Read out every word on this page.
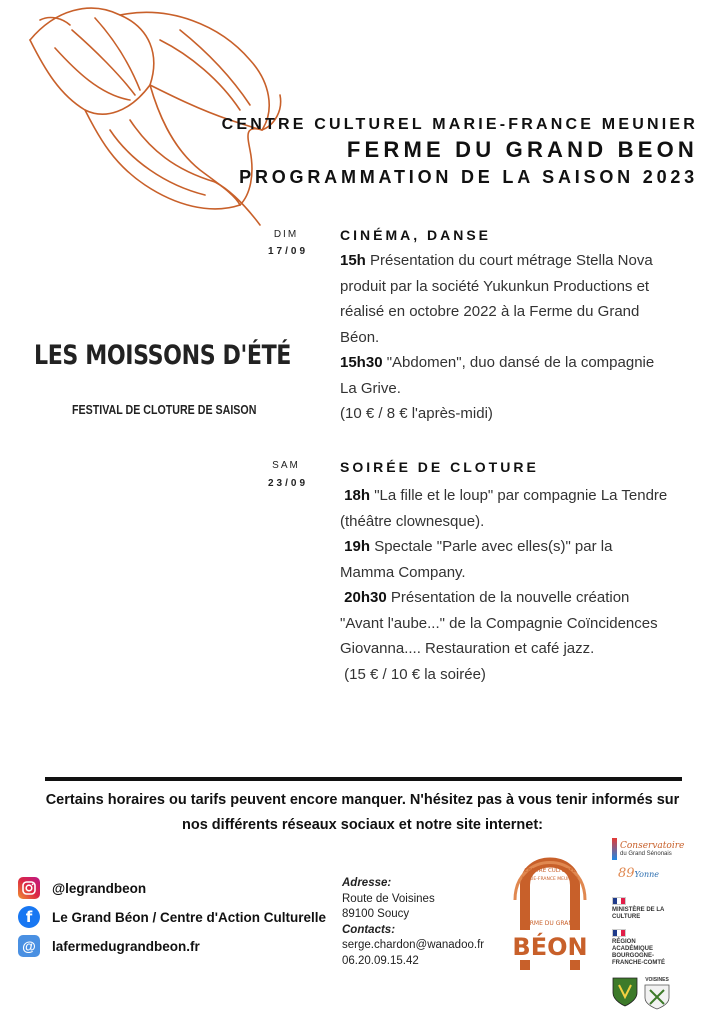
CENTRE CULTUREL MARIE-FRANCE MEUNIER
FERME DU GRAND BEON
PROGRAMMATION DE LA SAISON 2023
LES MOISSONS D'ÉTÉ
FESTIVAL DE CLOTURE DE SAISON
DIM
17/09
CINÉMA, DANSE
15h Présentation du court métrage Stella Nova produit par la société Yukunkun Productions et réalisé en octobre 2022 à la Ferme du Grand Béon.
15h30 "Abdomen", duo dansé de la compagnie La Grive.
(10 € / 8 € l'après-midi)
SAM
23/09
SOIRÉE DE CLOTURE
18h "La fille et le loup" par compagnie La Tendre (théâtre clownesque).
19h Spectale "Parle avec elles(s)" par la Mamma Company.
20h30 Présentation de la nouvelle création "Avant l'aube..." de la Compagnie Coïncidences Giovanna.... Restauration et café jazz.
(15 € / 10 € la soirée)
Certains horaires ou tarifs peuvent encore manquer. N'hésitez pas à vous tenir informés sur nos différents réseaux sociaux et notre site internet:
@legrandbeon
f	Le Grand Béon / Centre d'Action Culturelle
@	lafermedugrandbeon.fr
Adresse:
Route de Voisines
89100 Soucy
Contacts:
serge.chardon@wanadoo.fr
06.20.09.15.42
CENTRE CULTUREL
MARIE-FRANCE MEUNIER
FERME DU GRAND
BÉON
Conservatoire
du Grand Sénonais
89Yonne
MINISTÈRE DE LA CULTURE
RÉGION ACADÉMIQUE BOURGOGNE-FRANCHE-COMTÉ
VOISINES
